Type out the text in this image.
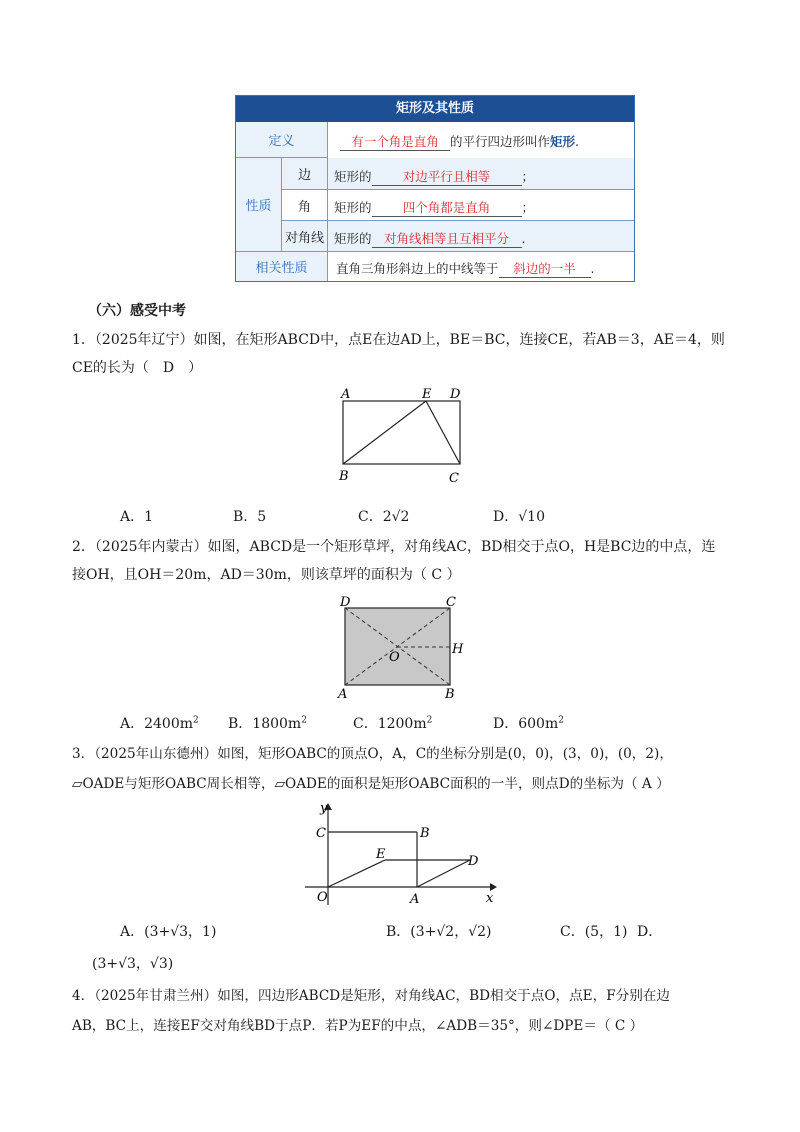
矩形及其性质
定义	有一个角是直角 的平行四边形叫作矩形.
性质
边	矩形的 对边平行且相等	；
角	矩形的 四个角都是直角	；
对角线 矩形的 对角线相等且互相平分 .
相关性质	直角三角形斜边上的中线等于 斜边的一半 .
（六）感受中考
1．（2025年辽宁）如图，在矩形ABCD中，点E在边AD上，BE＝BC，连接CE，若AB＝3，AE＝4，则
CE的长为（　D　）
A	E D
B	C
A．1	B．5	C．2√2	D．√10
2．（2025年内蒙古）如图，ABCD是一个矩形草坪，对角线AC，BD相交于点O，H是BC边的中点，连
接OH，且OH＝20m，AD＝30m，则该草坪的面积为（ C ）
D	C
O
H
A	B
A．$2400m^2$ B．$1800m^2$	C．$1200m^2$	D．$600m^2$
3．（2025年山东德州）如图，矩形OABC的顶点O，A，C的坐标分别是(0，0)，(3，0)，(0，2)，
▱OADE与矩形OABC周长相等，▱OADE的面积是矩形OABC面积的一半，则点D的坐标为（ A ）
y
C	B
E	D
O	A	x
A．(3+√3，1)	B．(3+√2，√2)	C．(5，1) D．
(3+√3，√3)
4．（2025年甘肃兰州）如图，四边形ABCD是矩形，对角线AC，BD相交于点O，点E，F分别在边
AB，BC上，连接EF交对角线BD于点P．若P为EF的中点，∠ADB＝35°，则∠DPE＝（ C ）
